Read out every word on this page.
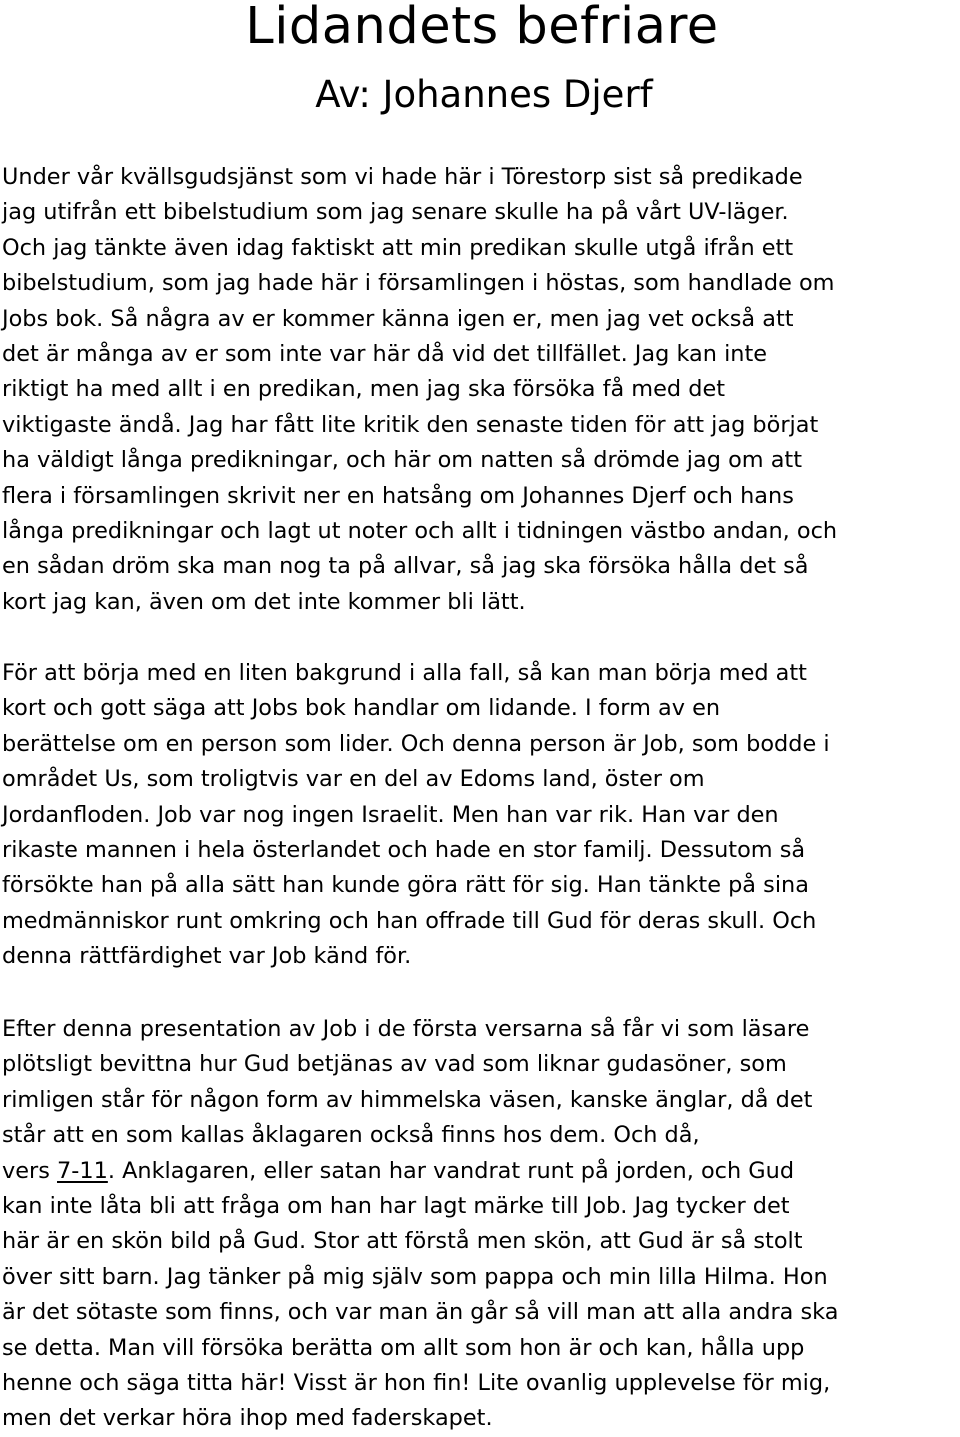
Lidandets befriare
Av: Johannes Djerf

Under vår kvällsgudsjänst som vi hade här i Törestorp sist så predikade
jag utifrån ett bibelstudium som jag senare skulle ha på vårt UV-läger.
Och jag tänkte även idag faktiskt att min predikan skulle utgå ifrån ett
bibelstudium, som jag hade här i församlingen i höstas, som handlade om
Jobs bok. Så några av er kommer känna igen er, men jag vet också att
det är många av er som inte var här då vid det tillfället. Jag kan inte
riktigt ha med allt i en predikan, men jag ska försöka få med det
viktigaste ändå. Jag har fått lite kritik den senaste tiden för att jag börjat
ha väldigt långa predikningar, och här om natten så drömde jag om att
flera i församlingen skrivit ner en hatsång om Johannes Djerf och hans
långa predikningar och lagt ut noter och allt i tidningen västbo andan, och
en sådan dröm ska man nog ta på allvar, så jag ska försöka hålla det så
kort jag kan, även om det inte kommer bli lätt.

För att börja med en liten bakgrund i alla fall, så kan man börja med att
kort och gott säga att Jobs bok handlar om lidande. I form av en
berättelse om en person som lider. Och denna person är Job, som bodde i
området Us, som troligtvis var en del av Edoms land, öster om
Jordanfloden. Job var nog ingen Israelit. Men han var rik. Han var den
rikaste mannen i hela österlandet och hade en stor familj. Dessutom så
försökte han på alla sätt han kunde göra rätt för sig. Han tänkte på sina
medmänniskor runt omkring och han offrade till Gud för deras skull. Och
denna rättfärdighet var Job känd för.

Efter denna presentation av Job i de första versarna så får vi som läsare
plötsligt bevittna hur Gud betjänas av vad som liknar gudasöner, som
rimligen står för någon form av himmelska väsen, kanske änglar, då det
står att en som kallas åklagaren också finns hos dem. Och då,
vers 7-11. Anklagaren, eller satan har vandrat runt på jorden, och Gud
kan inte låta bli att fråga om han har lagt märke till Job. Jag tycker det
här är en skön bild på Gud. Stor att förstå men skön, att Gud är så stolt
över sitt barn. Jag tänker på mig själv som pappa och min lilla Hilma. Hon
är det sötaste som finns, och var man än går så vill man att alla andra ska
se detta. Man vill försöka berätta om allt som hon är och kan, hålla upp
henne och säga titta här! Visst är hon fin! Lite ovanlig upplevelse för mig,
men det verkar höra ihop med faderskapet.
